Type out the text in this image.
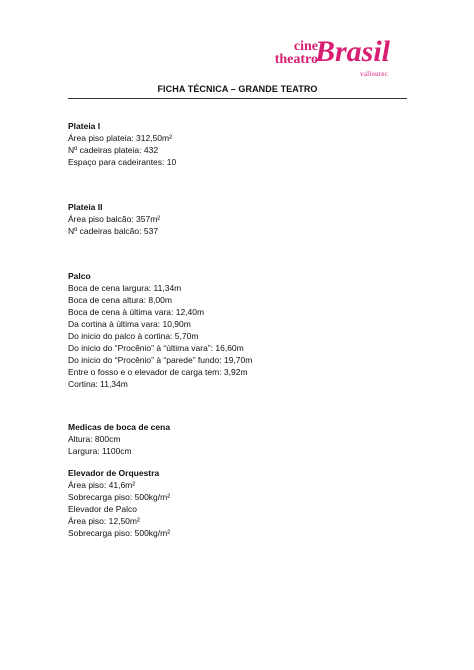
cine
theatro
Brasil
vallourec
FICHA TÉCNICA – GRANDE TEATRO
Plateia I
Área piso plateia: 312,50m²
Nº cadeiras plateia: 432
Espaço para cadeirantes: 10
Plateia II
Área piso balcão: 357m²
Nº cadeiras balcão: 537
Palco
Boca de cena largura: 11,34m
Boca de cena altura: 8,00m
Boca de cena à última vara: 12,40m
Da cortina à última vara: 10,90m
Do inicio do palco à cortina: 5,70m
Do inicio do “Procênio” à “última vara”: 16,60m
Do inicio do “Procênio” à “parede” fundo: 19,70m
Entre o fosso e o elevador de carga tem: 3,92m
Cortina: 11,34m
Medicas de boca de cena
Altura: 800cm
Largura: 1100cm
Elevador de Orquestra
Área piso: 41,6m²
Sobrecarga piso: 500kg/m²
Elevador de Palco
Área piso: 12,50m²
Sobrecarga piso: 500kg/m²
